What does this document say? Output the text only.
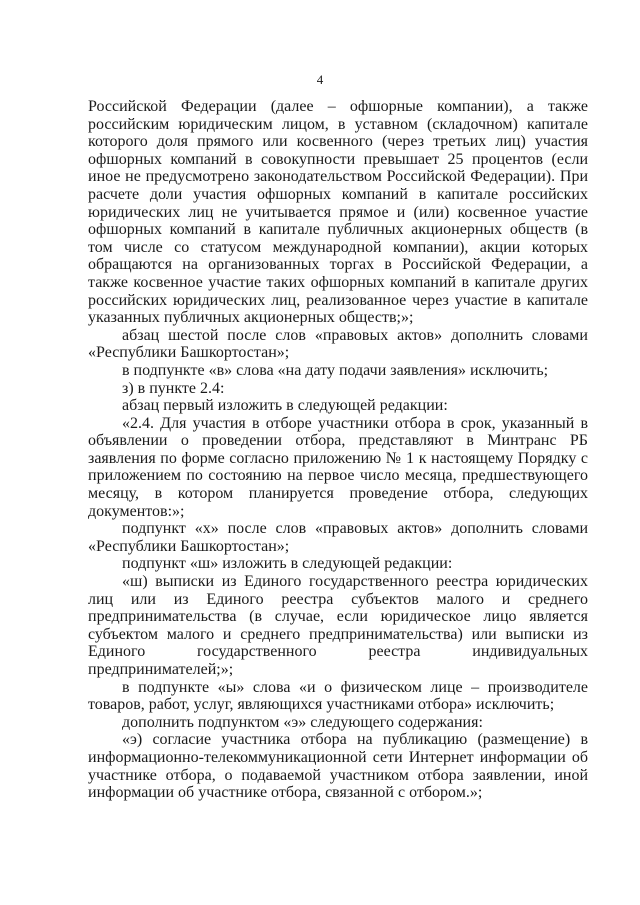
4

Российской Федерации (далее – офшорные компании), а также российским юридическим лицом, в уставном (складочном) капитале которого доля прямого или косвенного (через третьих лиц) участия офшорных компаний в совокупности превышает 25 процентов (если иное не предусмотрено законодательством Российской Федерации). При расчете доли участия офшорных компаний в капитале российских юридических лиц не учитывается прямое и (или) косвенное участие офшорных компаний в капитале публичных акционерных обществ (в том числе со статусом международной компании), акции которых обращаются на организованных торгах в Российской Федерации, а также косвенное участие таких офшорных компаний в капитале других российских юридических лиц, реализованное через участие в капитале указанных публичных акционерных обществ;»;

абзац шестой после слов «правовых актов» дополнить словами «Республики Башкортостан»;

в подпункте «в» слова «на дату подачи заявления» исключить;

з) в пункте 2.4:

абзац первый изложить в следующей редакции:

«2.4. Для участия в отборе участники отбора в срок, указанный в объявлении о проведении отбора, представляют в Минтранс РБ заявления по форме согласно приложению № 1 к настоящему Порядку с приложением по состоянию на первое число месяца, предшествующего месяцу, в котором планируется проведение отбора, следующих документов:»;

подпункт «х» после слов «правовых актов» дополнить словами «Республики Башкортостан»;

подпункт «ш» изложить в следующей редакции:

«ш) выписки из Единого государственного реестра юридических лиц или из Единого реестра субъектов малого и среднего предпринимательства (в случае, если юридическое лицо является субъектом малого и среднего предпринимательства) или выписки из Единого государственного реестра индивидуальных предпринимателей;»;

в подпункте «ы» слова «и о физическом лице – производителе товаров, работ, услуг, являющихся участниками отбора» исключить;

дополнить подпунктом «э» следующего содержания:

«э) согласие участника отбора на публикацию (размещение) в информационно-телекоммуникационной сети Интернет информации об участнике отбора, о подаваемой участником отбора заявлении, иной информации об участнике отбора, связанной с отбором.»;
